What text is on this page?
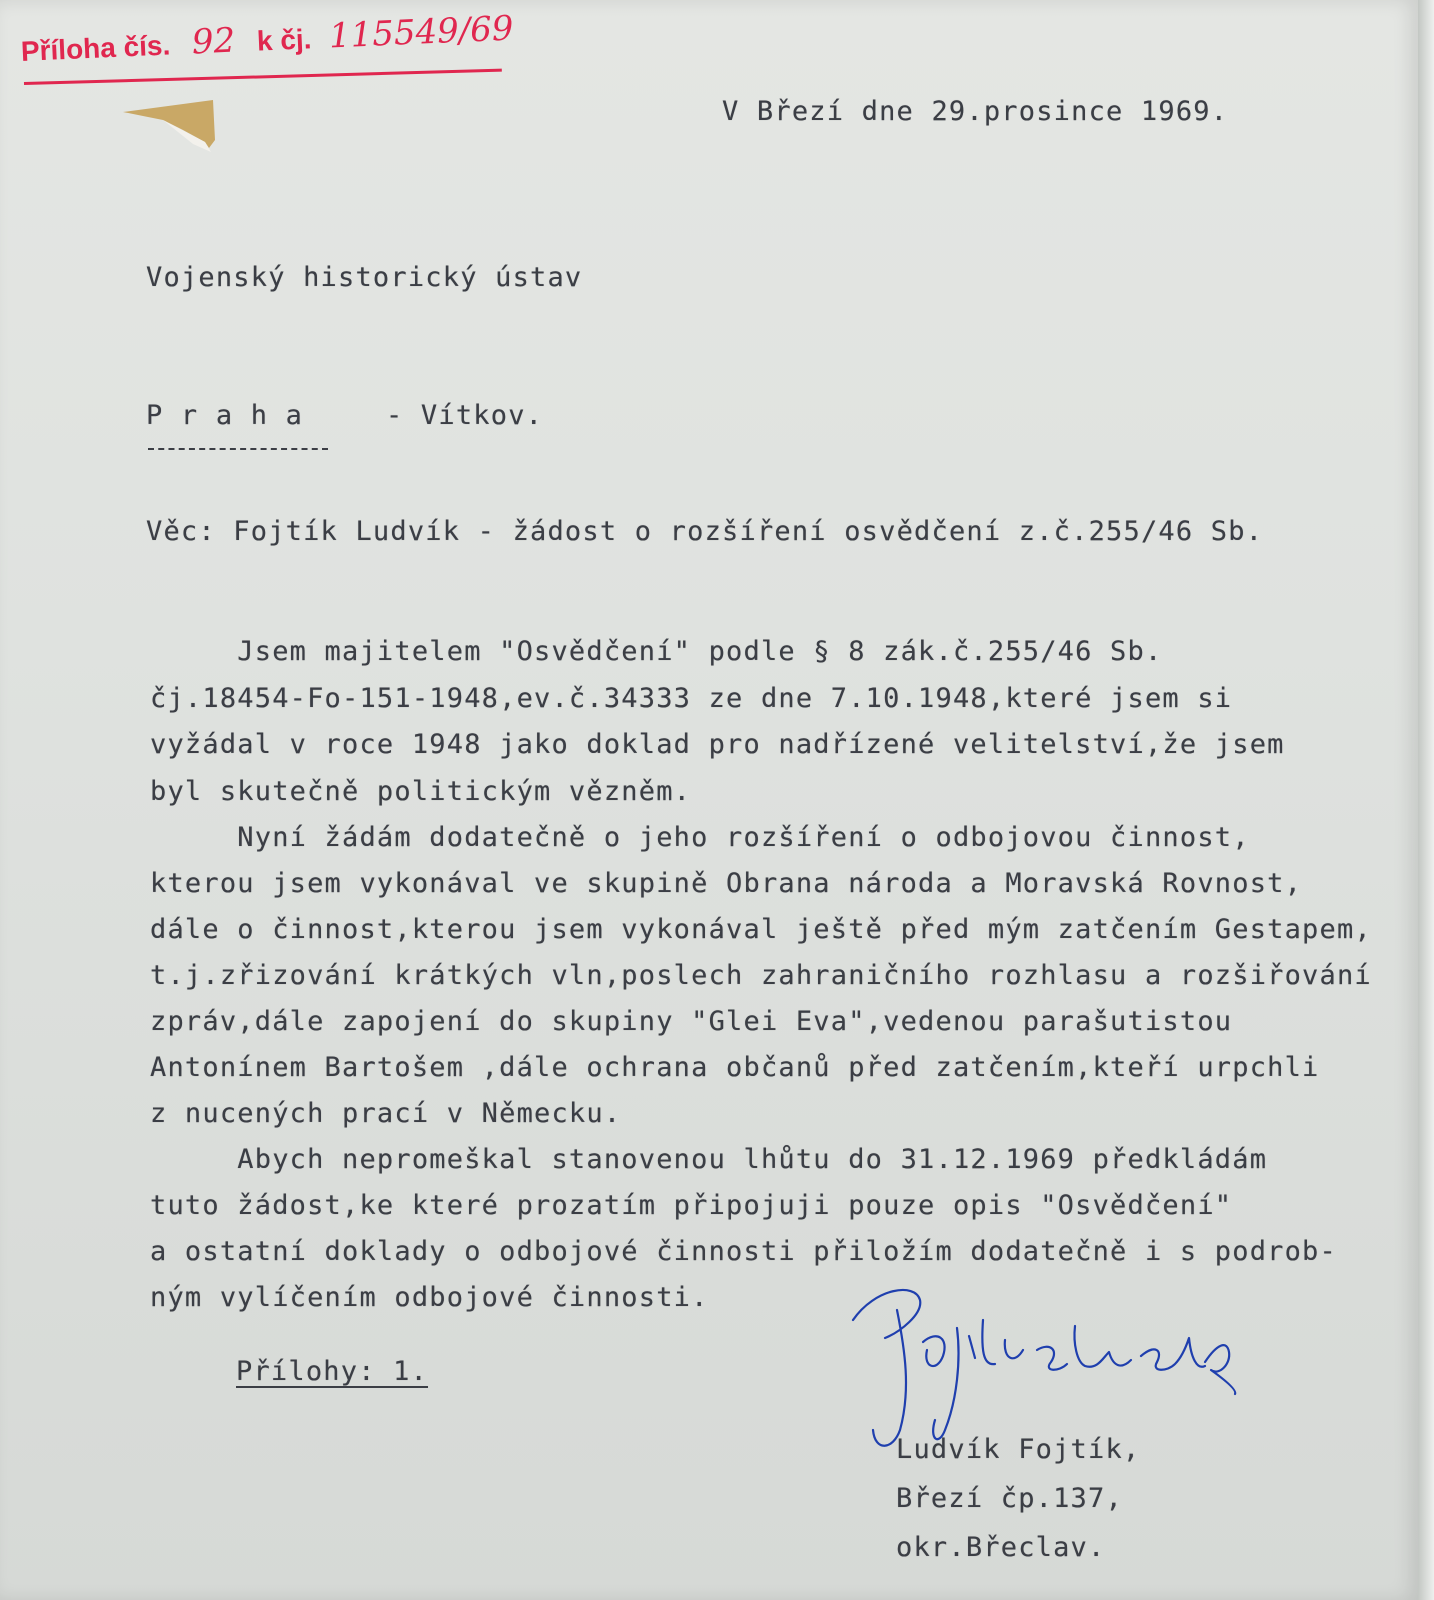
Příloha čís. 92 k čj. 115549/69

V Březí dne 29.prosince 1969.

Vojenský historický ústav

P r a h a	- Vítkov.

Věc: Fojtík Ludvík - žádost o rozšíření osvědčení z.č.255/46 Sb.

Jsem majitelem "Osvědčení" podle § 8 zák.č.255/46 Sb.

čj.18454-Fo-151-1948,ev.č.34333 ze dne 7.10.1948,které jsem si

vyžádal v roce 1948 jako doklad pro nadřízené velitelství,že jsem

byl skutečně politickým vězněm.

Nyní žádám dodatečně o jeho rozšíření o odbojovou činnost,

kterou jsem vykonával ve skupině Obrana národa a Moravská Rovnost,

dále o činnost,kterou jsem vykonával ještě před mým zatčením Gestapem,

t.j.zřizování krátkých vln,poslech zahraničního rozhlasu a rozšiřování

zpráv,dále zapojení do skupiny "Glei Eva",vedenou parašutistou

Antonínem Bartošem ,dále ochrana občanů před zatčením,kteří urpchli

z nucených prací v Německu.

Abych nepromeškal stanovenou lhůtu do 31.12.1969 předkládám

tuto žádost,ke které prozatím připojuji pouze opis "Osvědčení"

a ostatní doklady o odbojové činnosti přiložím dodatečně i s podrob-

ným vylíčením odbojové činnosti.

Přílohy: 1.

Ludvík Fojtík,

Březí čp.137,

okr.Břeclav.
